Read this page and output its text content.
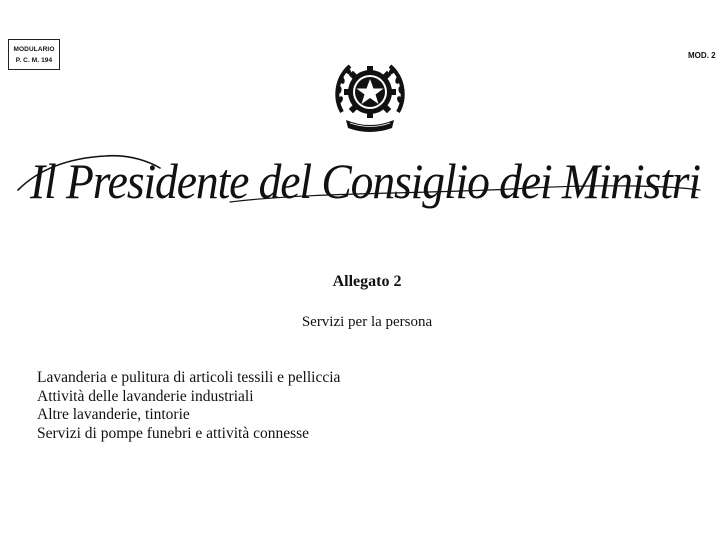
MODULARIO
P. C. M. 194	MOD. 2
Il Presidente del Consiglio dei Ministri
Allegato 2
Servizi per la persona
Lavanderia e pulitura di articoli tessili e pelliccia
Attività delle lavanderie industriali
Altre lavanderie, tintorie
Servizi di pompe funebri e attività connesse
